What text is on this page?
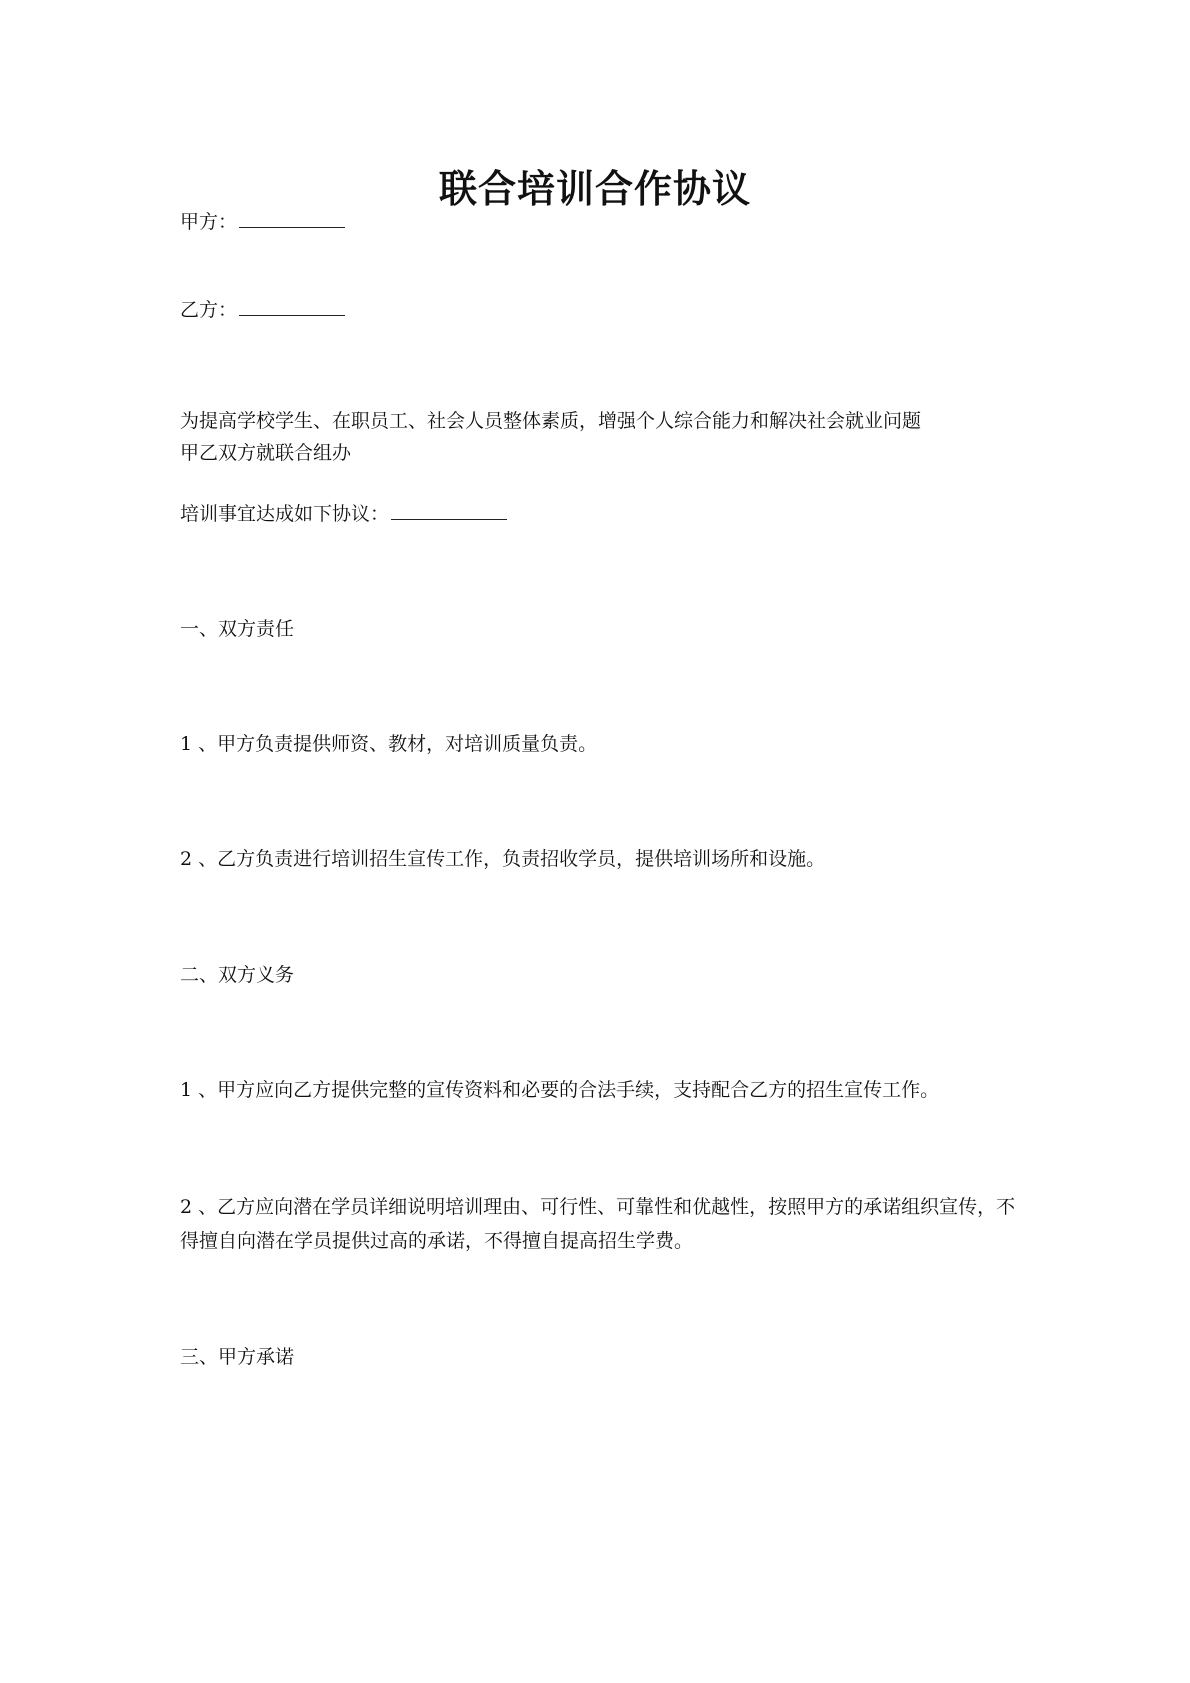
联合培训合作协议
甲方：
乙方：
为提高学校学生、在职员工、社会人员整体素质，增强个人综合能力和解决社会就业问题
甲乙双方就联合组办
培训事宜达成如下协议：
一、双方责任
1 、甲方负责提供师资、教材，对培训质量负责。
2 、乙方负责进行培训招生宣传工作，负责招收学员，提供培训场所和设施。
二、双方义务
1 、甲方应向乙方提供完整的宣传资料和必要的合法手续，支持配合乙方的招生宣传工作。
2 、乙方应向潜在学员详细说明培训理由、可行性、可靠性和优越性，按照甲方的承诺组织宣传，不得擅自向潜在学员提供过高的承诺，不得擅自提高招生学费。
三、甲方承诺
